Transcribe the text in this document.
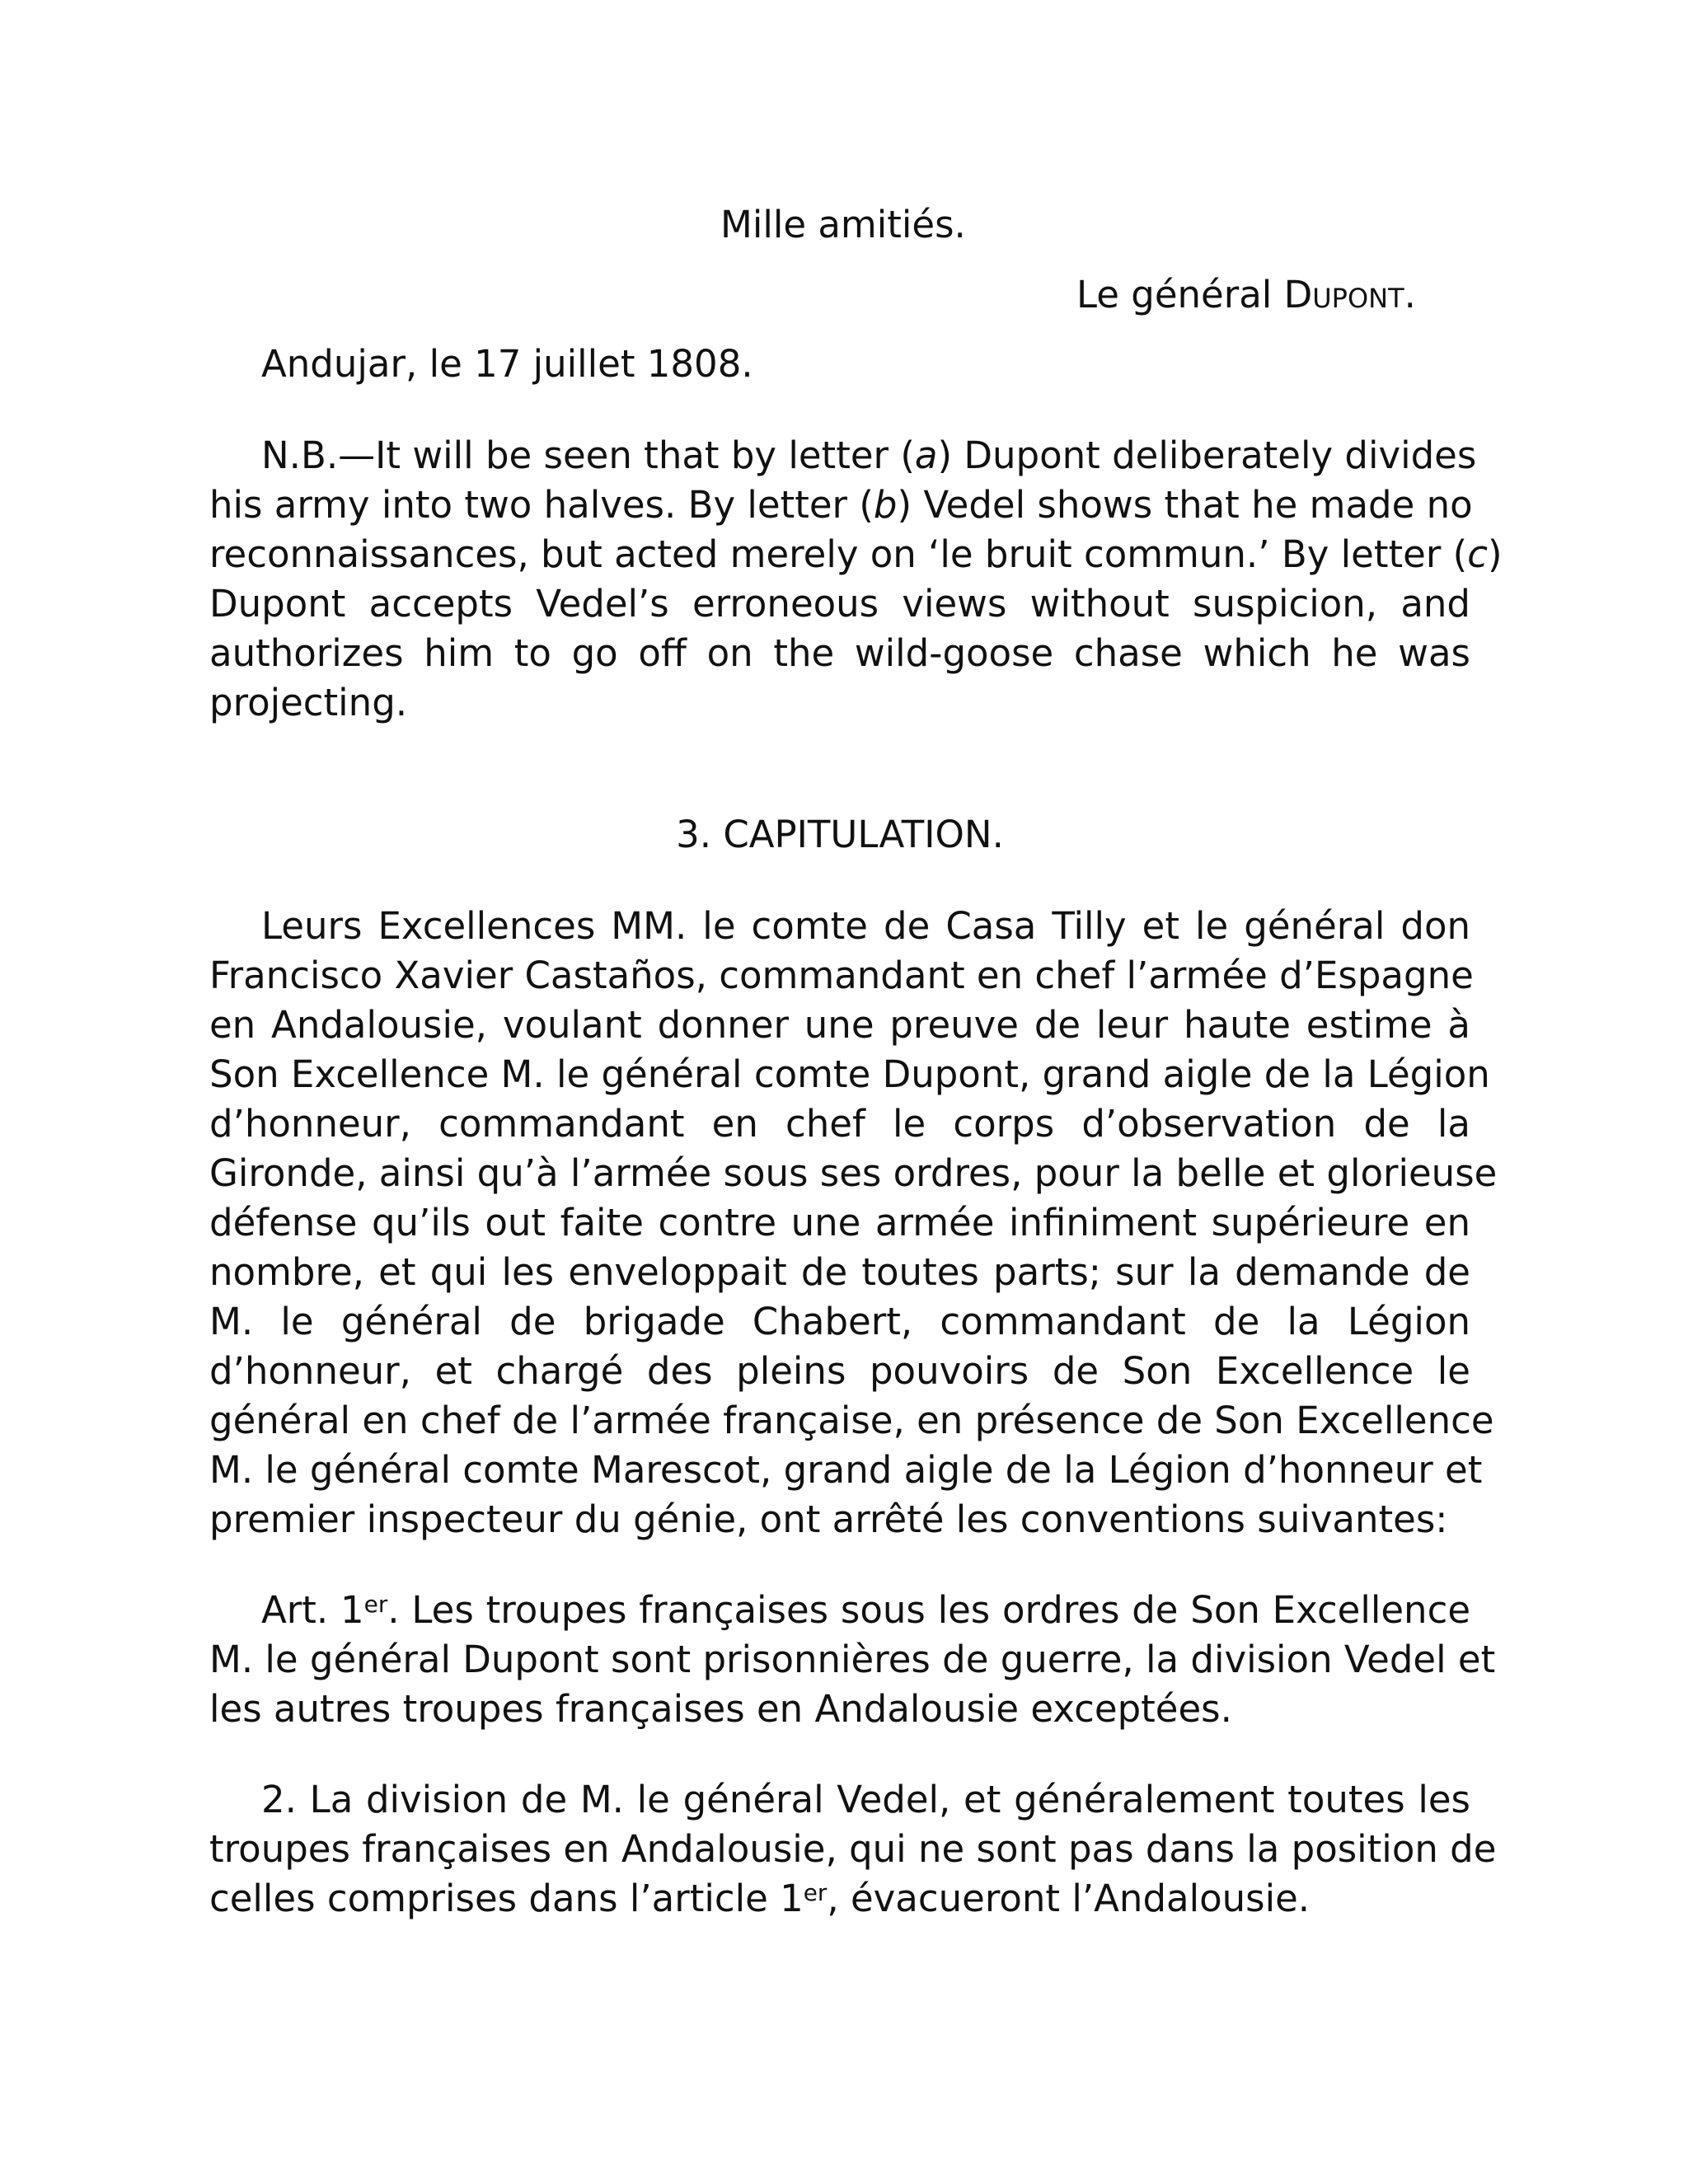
Mille amitiés.
Le général Dupont.
Andujar, le 17 juillet 1808.
N.B.—It will be seen that by letter (a) Dupont deliberately divides
his army into two halves. By letter (b) Vedel shows that he made no
reconnaissances, but acted merely on ‘le bruit commun.’ By letter (c)
Dupont accepts Vedel’s erroneous views without suspicion, and
authorizes him to go off on the wild-goose chase which he was
projecting.
3. CAPITULATION.
Leurs Excellences MM. le comte de Casa Tilly et le général don
Francisco Xavier Castaños, commandant en chef l’armée d’Espagne
en Andalousie, voulant donner une preuve de leur haute estime à
Son Excellence M. le général comte Dupont, grand aigle de la Légion
d’honneur, commandant en chef le corps d’observation de la
Gironde, ainsi qu’à l’armée sous ses ordres, pour la belle et glorieuse
défense qu’ils out faite contre une armée infiniment supérieure en
nombre, et qui les enveloppait de toutes parts; sur la demande de
M. le général de brigade Chabert, commandant de la Légion
d’honneur, et chargé des pleins pouvoirs de Son Excellence le
général en chef de l’armée française, en présence de Son Excellence
M. le général comte Marescot, grand aigle de la Légion d’honneur et
premier inspecteur du génie, ont arrêté les conventions suivantes:
Art. 1er. Les troupes françaises sous les ordres de Son Excellence
M. le général Dupont sont prisonnières de guerre, la division Vedel et
les autres troupes françaises en Andalousie exceptées.
2. La division de M. le général Vedel, et généralement toutes les
troupes françaises en Andalousie, qui ne sont pas dans la position de
celles comprises dans l’article 1er, évacueront l’Andalousie.
